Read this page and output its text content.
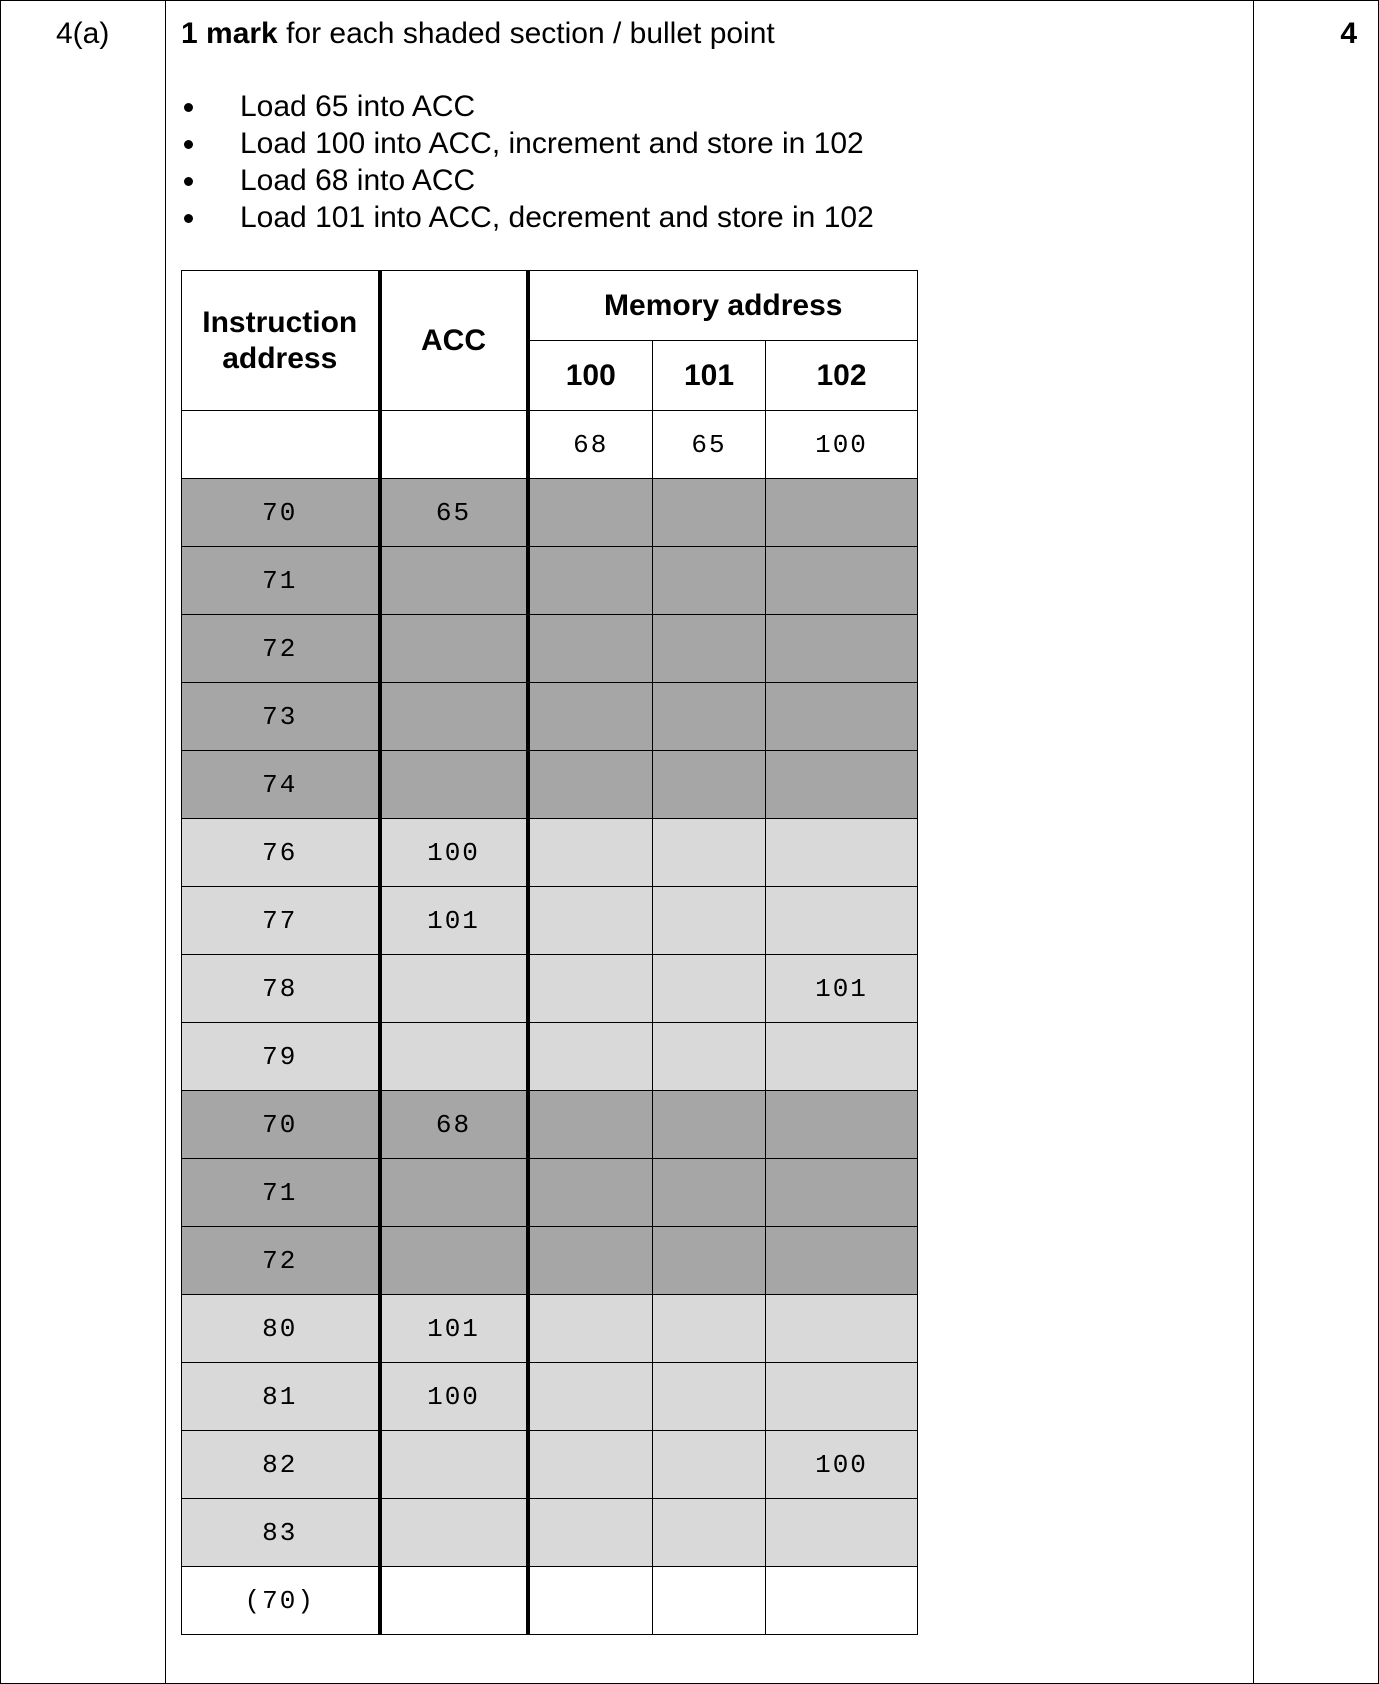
4(a)	4
1 mark for each shaded section / bullet point
Load 65 into ACC
Load 100 into ACC, increment and store in 102
Load 68 into ACC
Load 101 into ACC, decrement and store in 102
Instruction address	ACC	Memory address		
		100	101	102
		68	65	100
70	65			
71				
72				
73				
74				
76	100			
77	101			
78				101
79				
70	68			
71				
72				
80	101			
81	100			
82				100
83				
(70)				
